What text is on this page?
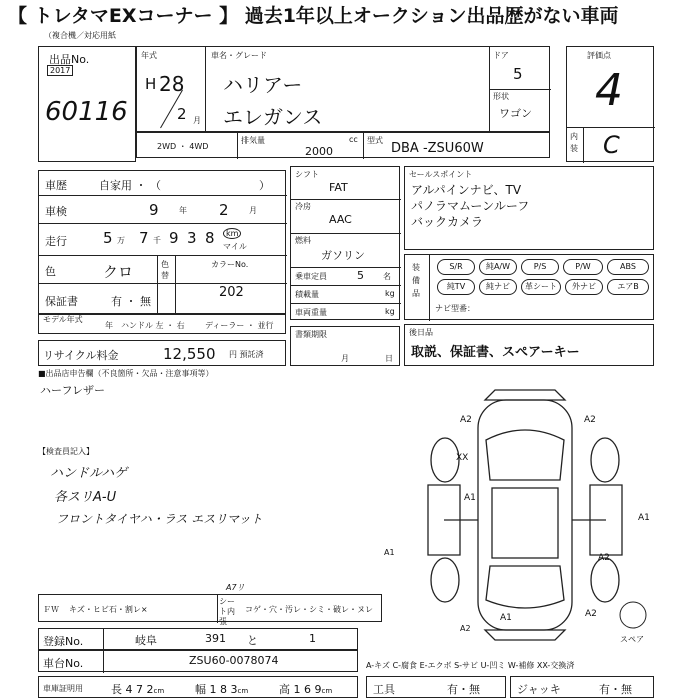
【 トレタマEXコーナー 】 過去1年以上オークション出品歴がない車両
（複合機／対応用紙
出品No.
2017
60116
年式
H 28
2 月
車名・グレード
ハリアー
エレガンス
ドア
5
形状
ワゴン
2WD ・ 4WD
排気量	cc
2000
型式
DBA -ZSU60W
評価点
4
内装 C
車歴	自家用 ・ （	）
車検	9	年 2	月
走行 5 万 7 千 9 3 8	km
マイル
色	クロ	色替
カラーNo.
202
保証書	有 ・ 無
モデル年式
年 ハンドル 左 ・ 右	ディーラー ・ 並行
リサイクル料金	12,550 円 預託済
シフト
FAT
冷房
AAC
燃料
ガソリン
乗車定員	5 名
積載量	kg
車両重量	kg
書類期限
月	日
セールスポイント
アルパインナビ、TV
パノラマムーンルーフ
バックカメラ
装備品
S/R	純A/W	P/S	P/W	ABS
純TV	純ナビ	革シート	外ナビ	エアB
ナビ型番：
後日品
取説、保証書、スペアーキー
■出品店申告欄（不良箇所・欠品・注意事項等）
ハーフレザー
【検査員記入】
ハンドルハゲ
各スリA-U
フロントタイヤハ・ラス エスリマット
A2	A2
XX
A1
A1
A1
A2
A2
A1
A2
スペア
ＦＷ キズ・ヒビ石・割レ×
シート内張
コゲ・穴・汚レ・シミ・破レ・ヌレ
A7リ
登録No.	岐阜	391 と	1
車台No.	ZSU60-0078074	A-キズ C-腐食 E-エクボ S-サビ U-凹ミ W-補修 XX-交換済
車庫証明用	長 4 7 2cm	幅 1 8 3cm	高 1 6 9cm	工具	有・無	ジャッキ	有・無
